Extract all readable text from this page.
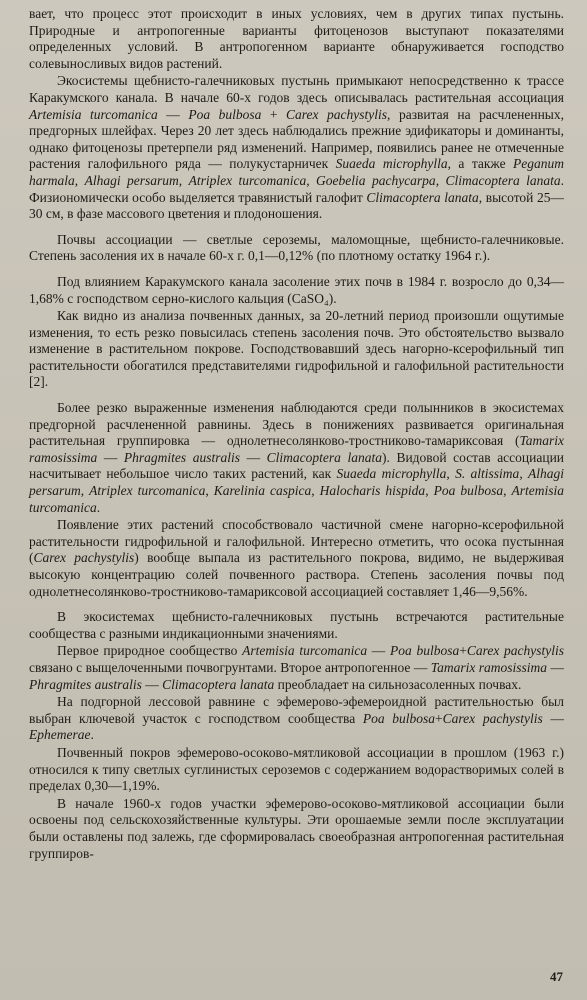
вает, что процесс этот происходит в иных условиях, чем в других типах пустынь. Природные и антропогенные варианты фитоценозов выступают показателями определенных условий. В антропогенном варианте обнаруживается господство солевыносливых видов растений.

Экосистемы щебнисто-галечниковых пустынь примыкают непосредственно к трассе Каракумского канала. В начале 60-х годов здесь описывалась растительная ассоциация Artemisia turcomanica — Poa bulbosa + Carex pachystylis, развитая на расчлененных, предгорных шлейфах. Через 20 лет здесь наблюдались прежние эдификаторы и доминанты, однако фитоценозы претерпели ряд изменений. Например, появились ранее не отмеченные растения галофильного ряда — полукустарничек Suaeda microphylla, а также Peganum harmala, Alhagi persarum, Atriplex turcomanica, Goebelia pachycarpa, Climacoptera lanata. Физиономически особо выделяется травянистый галофит Climacoptera lanata, высотой 25—30 см, в фазе массового цветения и плодоношения.

Почвы ассоциации — светлые сероземы, маломощные, щебнисто-галечниковые. Степень засоления их в начале 60-х г. 0,1—0,12% (по плотному остатку 1964 г.).

Под влиянием Каракумского канала засоление этих почв в 1984 г. возросло до 0,34—1,68% с господством серно-кислого кальция (CaSO₄).

Как видно из анализа почвенных данных, за 20-летний период произошли ощутимые изменения, то есть резко повысилась степень засоления почв. Это обстоятельство вызвало изменение в растительном покрове. Господствовавший здесь нагорно-ксерофильный тип растительности обогатился представителями гидрофильной и галофильной растительности [2].

Более резко выраженные изменения наблюдаются среди полынников в экосистемах предгорной расчлененной равнины. Здесь в понижениях развивается оригинальная растительная группировка — однолетнесолянково-тростниково-тамариксовая (Tamarix ramosissima — Phragmites australis — Climacoptera lanata). Видовой состав ассоциации насчитывает небольшое число таких растений, как Suaeda microphylla, S. altissima, Alhagi persarum, Atriplex turcomanica, Karelinia caspica, Halocharis hispida, Poa bulbosa, Artemisia turcomanica.

Появление этих растений способствовало частичной смене нагорно-ксерофильной растительности гидрофильной и галофильной. Интересно отметить, что осока пустынная (Carex pachystylis) вообще выпала из растительного покрова, видимо, не выдерживая высокую концентрацию солей почвенного раствора. Степень засоления почвы под однолетнесолянково-тростниково-тамариксовой ассоциацией составляет 1,46—9,56%.

В экосистемах щебнисто-галечниковых пустынь встречаются растительные сообщества с разными индикационными значениями.

Первое природное сообщество Artemisia turcomanica — Poa bulbosa+Carex pachystylis связано с выщелоченными почвогрунтами. Второе антропогенное — Tamarix ramosissima — Phragmites australis — Climacoptera lanata преобладает на сильнозасоленных почвах.

На подгорной лессовой равнине с эфемерово-эфемероидной растительностью был выбран ключевой участок с господством сообщества Poa bulbosa+Carex pachystylis — Ephemerae.

Почвенный покров эфемерово-осоково-мятликовой ассоциации в прошлом (1963 г.) относился к типу светлых суглинистых сероземов с содержанием водорастворимых солей в пределах 0,30—1,19%.

В начале 1960-х годов участки эфемерово-осоково-мятликовой ассоциации были освоены под сельскохозяйственные культуры. Эти орошаемые земли после эксплуатации были оставлены под залежь, где сформировалась своеобразная антропогенная растительная группиров-

47
